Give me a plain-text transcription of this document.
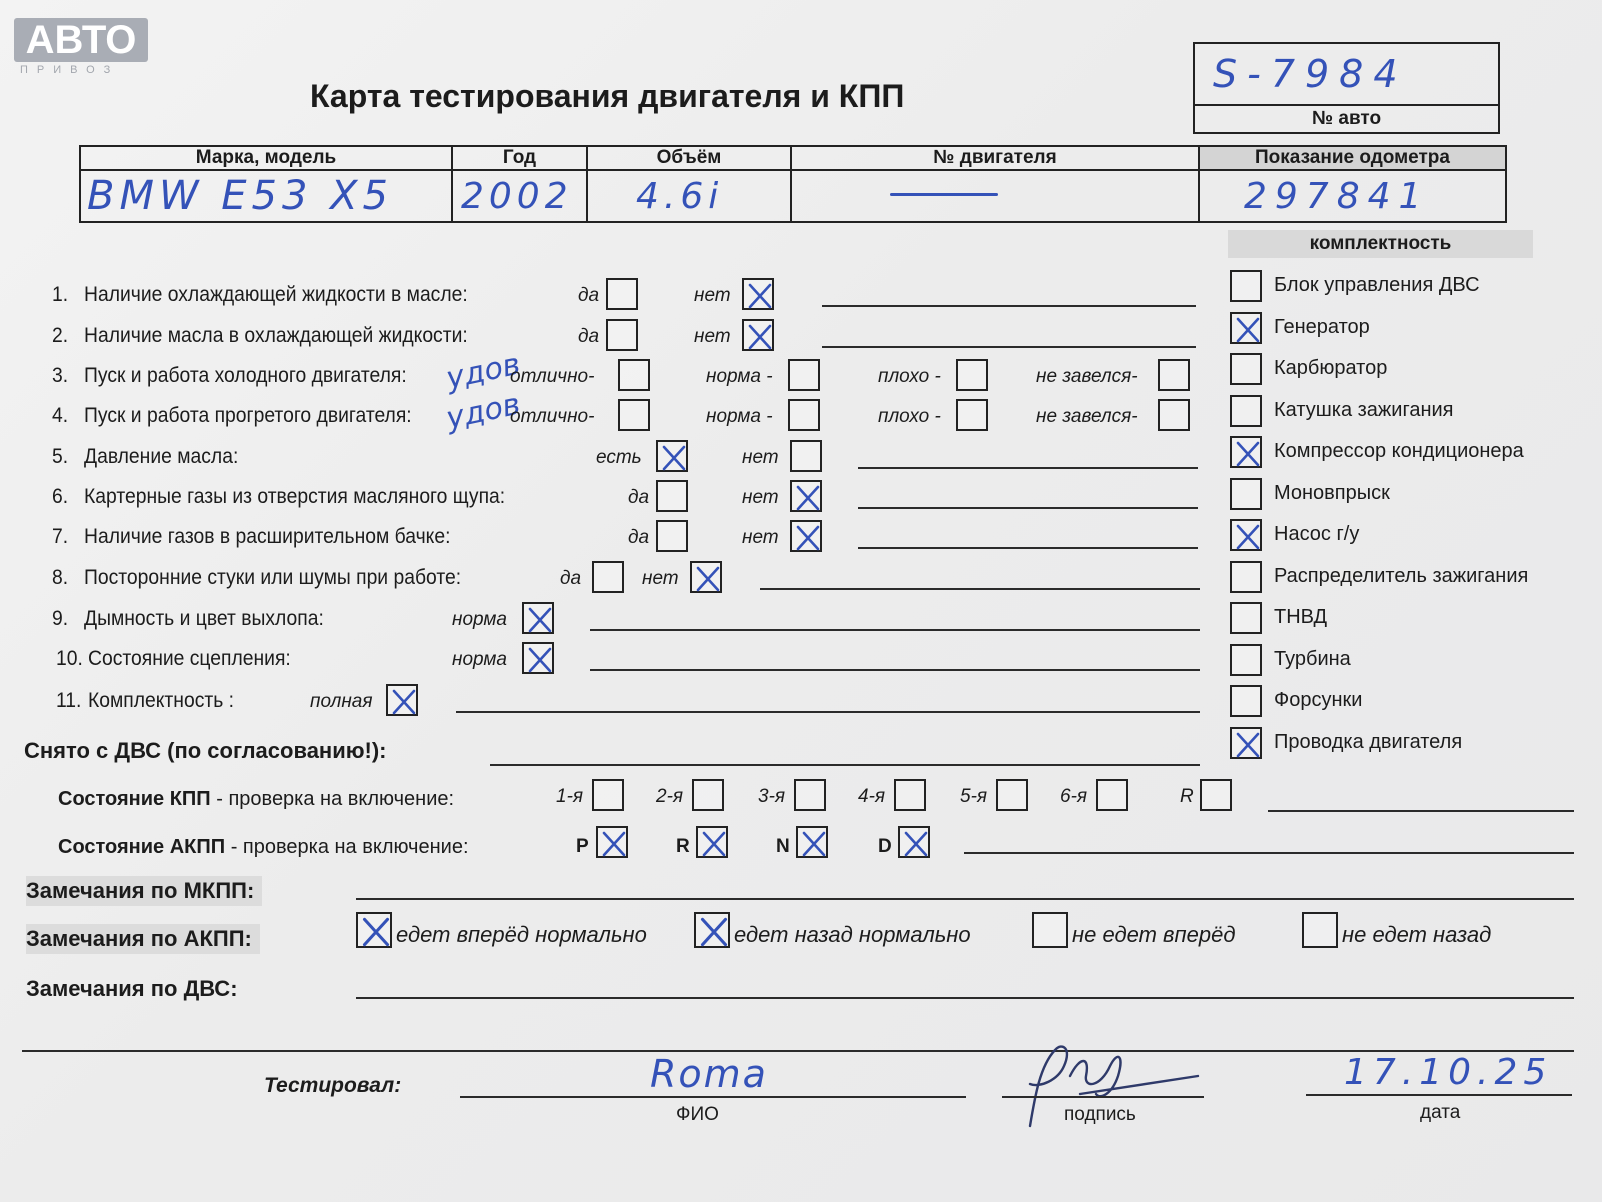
АВТО
ПРИВОЗ
Карта тестирования двигателя и КПП	S-7984
№ авто
Марка, модель	Год	Объём	№ двигателя	Показание одометра
BMW E53 X5	2002	4.6i		297841
комплектность
1. Наличие охлаждающей жидкости в масле:	да	нет
2. Наличие масла в охлаждающей жидкости:	да	нет
3. Пуск и работа холодного двигателя: удов
отлично-	норма -	плохо -	не завелся-
4. Пуск и работа прогретого двигателя: удов
отлично-	норма -	плохо -	не завелся-
5. Давление масла:	есть	нет
6. Картерные газы из отверстия масляного щупа:	да	нет
7. Наличие газов в расширительном бачке:	да	нет
8. Посторонние стуки или шумы при работе:	да	нет
9. Дымность и цвет выхлопа:	норма
10. Состояние сцепления:	норма
11. Комплектность :	полная
Блок управления ДВС
Генератор
Карбюратор
Катушка зажигания
Компрессор кондиционера
Моновпрыск
Насос г/у
Распределитель зажигания
ТНВД
Турбина
Форсунки
Проводка двигателя
Снято с ДВС (по согласованию!):
Состояние КПП - проверка на включение:
Состояние АКПП - проверка на включение:
1-я	2-я	3-я	4-я	5-я	6-я	R
P	R	N	D
Замечания по МКПП:
Замечания по АКПП:	едет вперёд нормально	едет назад нормально	не едет вперёд	не едет назад
Замечания по ДВС:
Тестировал:	Roma
ФИО	подпись
17.10.25
дата
